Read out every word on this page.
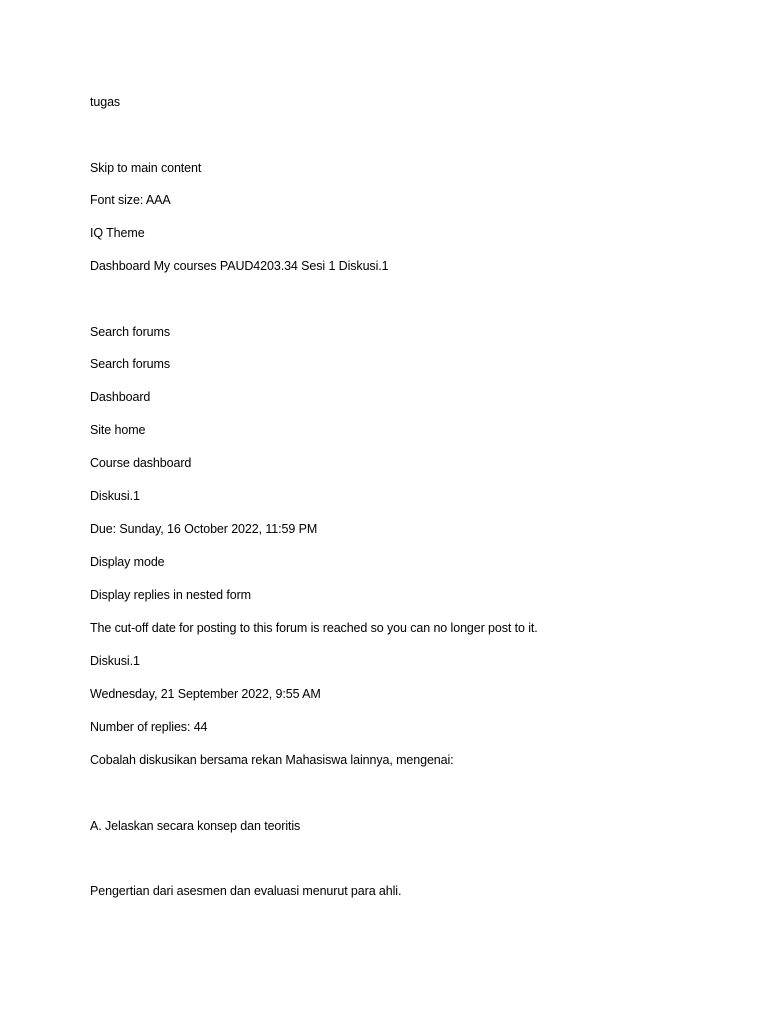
tugas
Skip to main content
Font size: AAA
IQ Theme
Dashboard My courses PAUD4203.34 Sesi 1 Diskusi.1
Search forums
Search forums
Dashboard
Site home
Course dashboard
Diskusi.1
Due: Sunday, 16 October 2022, 11:59 PM
Display mode
Display replies in nested form
The cut-off date for posting to this forum is reached so you can no longer post to it.
Diskusi.1
Wednesday, 21 September 2022, 9:55 AM
Number of replies: 44
Cobalah diskusikan bersama rekan Mahasiswa lainnya, mengenai:
A. Jelaskan secara konsep dan teoritis
Pengertian dari asesmen dan evaluasi menurut para ahli.
